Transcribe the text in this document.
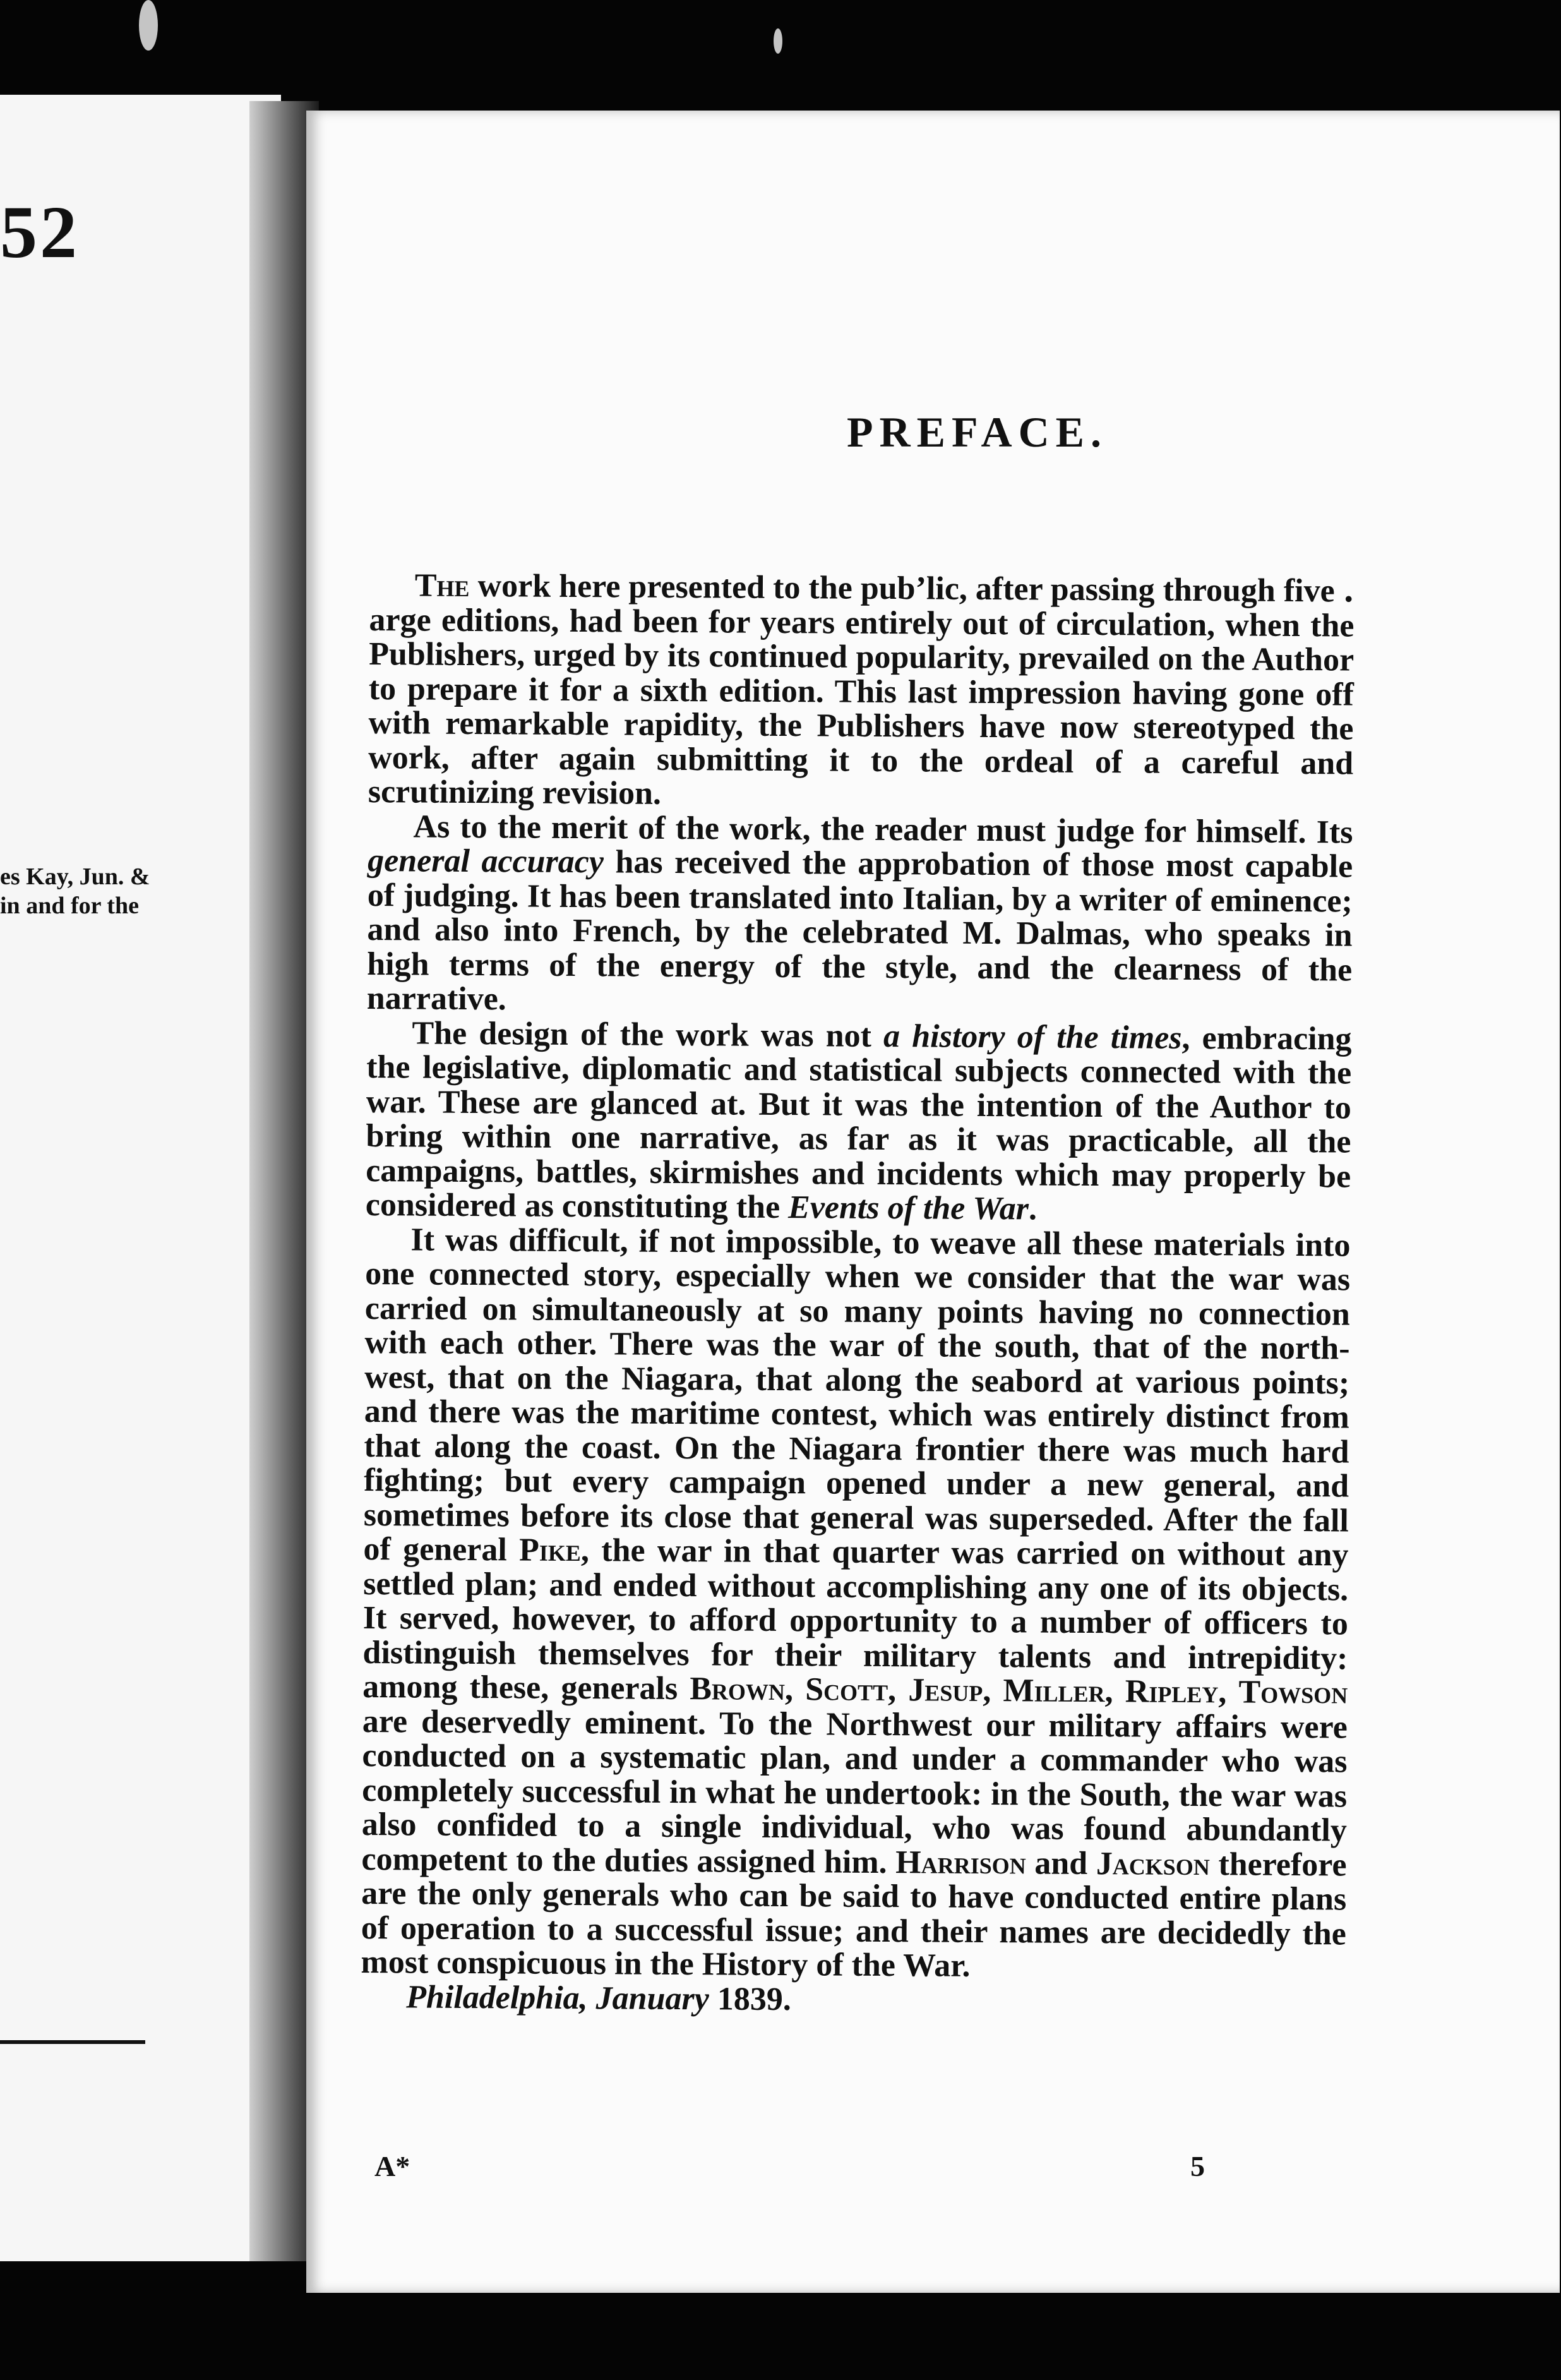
52

es Kay, Jun. &
in and for the

PREFACE.

The work here presented to the pubʼlic, after passing through five ․arge editions, had been for years entirely out of circulation, when the Publishers, urged by its continued popularity, prevailed on the Author to prepare it for a sixth edition. This last impression having gone off with remarkable rapidity, the Publishers have now stereotyped the work, after again submitting it to the ordeal of a careful and scrutinizing revision.

As to the merit of the work, the reader must judge for himself. Its general accuracy has received the approbation of those most capable of judging. It has been translated into Italian, by a writer of eminence; and also into French, by the celebrated M. Dalmas, who speaks in high terms of the energy of the style, and the clearness of the narrative.

The design of the work was not a history of the times, embracing the legislative, diplomatic and statistical subjects connected with the war. These are glanced at. But it was the intention of the Author to bring within one narrative, as far as it was practicable, all the campaigns, battles, skirmishes and incidents which may properly be considered as constituting the Events of the War.

It was difficult, if not impossible, to weave all these materials into one connected story, especially when we consider that the war was carried on simultaneously at so many points having no connection with each other. There was the war of the south, that of the north-west, that on the Niagara, that along the seabord at various points; and there was the maritime contest, which was entirely distinct from that along the coast. On the Niagara frontier there was much hard fighting; but every campaign opened under a new general, and sometimes before its close that general was superseded. After the fall of general Pike, the war in that quarter was carried on without any settled plan; and ended without accomplishing any one of its objects. It served, however, to afford opportunity to a number of officers to distinguish themselves for their military talents and intrepidity: among these, generals Brown, Scott, Jesup, Miller, Ripley, Towson are deservedly eminent. To the Northwest our military affairs were conducted on a systematic plan, and under a commander who was completely successful in what he undertook: in the South, the war was also confided to a single individual, who was found abundantly competent to the duties assigned him. Harrison and Jackson therefore are the only generals who can be said to have conducted entire plans of operation to a successful issue; and their names are decidedly the most conspicuous in the History of the War.

Philadelphia, January 1839.

A*	5
